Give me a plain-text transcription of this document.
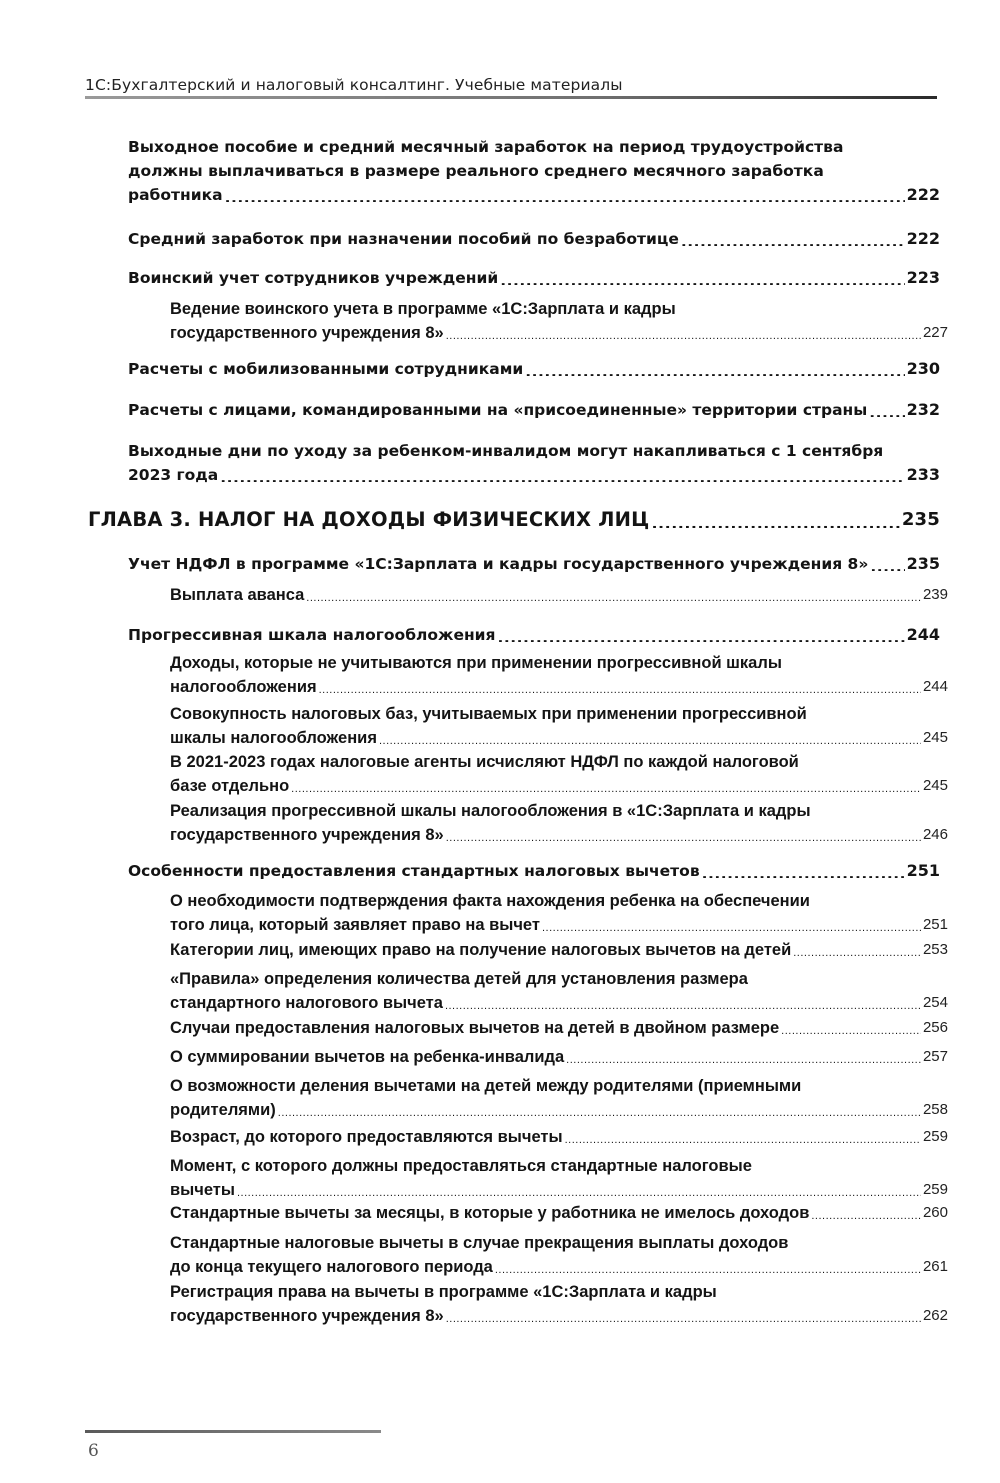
1С:Бухгалтерский и налоговый консалтинг. Учебные материалы
Выходное пособие и средний месячный заработок на период трудоустройства
должны выплачиваться в размере реального среднего месячного заработка
работника .....	222
Средний заработок при назначении пособий по безработице .....	222
Воинский учет сотрудников учреждений .....	223
Ведение воинского учета в программе «1С:Зарплата и кадры
государственного учреждения 8» .....	227
Расчеты с мобилизованными сотрудниками .....	230
Расчеты с лицами, командированными на «присоединенные» территории страны ..... 232
Выходные дни по уходу за ребенком-инвалидом могут накапливаться с 1 сентября
2023 года .....	233
ГЛАВА 3. НАЛОГ НА ДОХОДЫ ФИЗИЧЕСКИХ ЛИЦ .....	235
Учет НДФЛ в программе «1С:Зарплата и кадры государственного учреждения 8» ..... 235
Выплата аванса .....	239
Прогрессивная шкала налогообложения .....	244
Доходы, которые не учитываются при применении прогрессивной шкалы
налогообложения .....	244
Совокупность налоговых баз, учитываемых при применении прогрессивной
шкалы налогообложения .....	245
В 2021-2023 годах налоговые агенты исчисляют НДФЛ по каждой налоговой
базе отдельно .....	245
Реализация прогрессивной шкалы налогообложения в «1С:Зарплата и кадры
государственного учреждения 8» .....	246
Особенности предоставления стандартных налоговых вычетов .....	251
О необходимости подтверждения факта нахождения ребенка на обеспечении
того лица, который заявляет право на вычет .....	251
Категории лиц, имеющих право на получение налоговых вычетов на детей .....	253
«Правила» определения количества детей для установления размера
стандартного налогового вычета .....	254
Случаи предоставления налоговых вычетов на детей в двойном размере .....	256
О суммировании вычетов на ребенка-инвалида .....	257
О возможности деления вычетами на детей между родителями (приемными
родителями) .....	258
Возраст, до которого предоставляются вычеты .....	259
Момент, с которого должны предоставляться стандартные налоговые
вычеты .....	259
Стандартные вычеты за месяцы, в которые у работника не имелось доходов .....	260
Стандартные налоговые вычеты в случае прекращения выплаты доходов
до конца текущего налогового периода .....	261
Регистрация права на вычеты в программе «1С:Зарплата и кадры
государственного учреждения 8» .....	262
6
